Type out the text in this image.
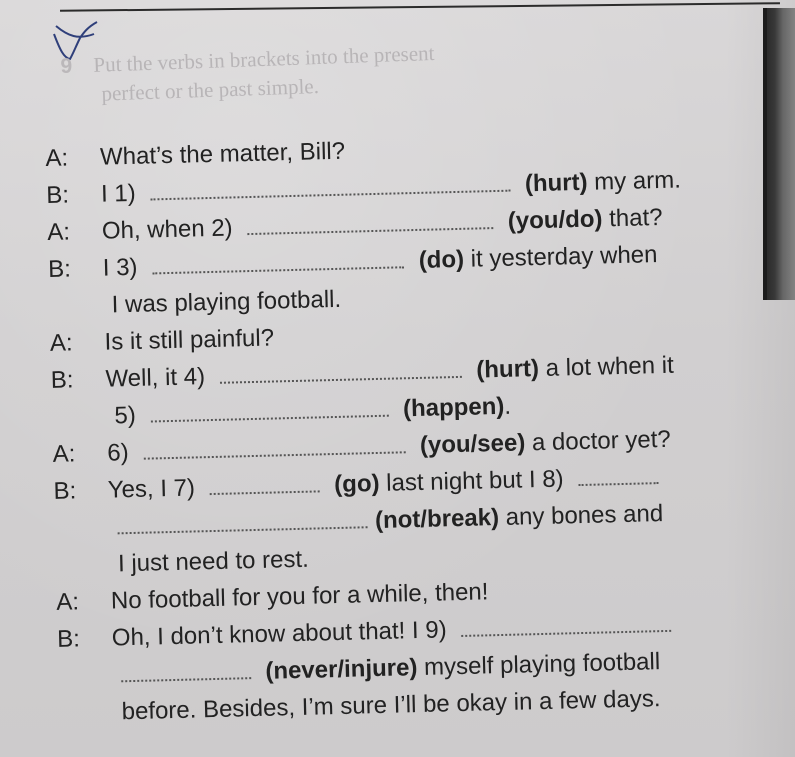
9 Put the verbs in brackets into the present
perfect or the past simple.
A: What’s the matter, Bill?
B: I 1)	(hurt) my arm.
A: Oh, when 2)	(you/do) that?
B: I 3)	(do) it yesterday when
I was playing football.
A: Is it still painful?
B: Well, it 4)	(hurt) a lot when it
5)	(happen).
A: 6)	(you/see) a doctor yet?
B: Yes, I 7)	(go) last night but I 8)
(not/break) any bones and
I just need to rest.
A: No football for you for a while, then!
B: Oh, I don’t know about that! I 9)
(never/injure) myself playing football
before. Besides, I’m sure I’ll be okay in a few days.
